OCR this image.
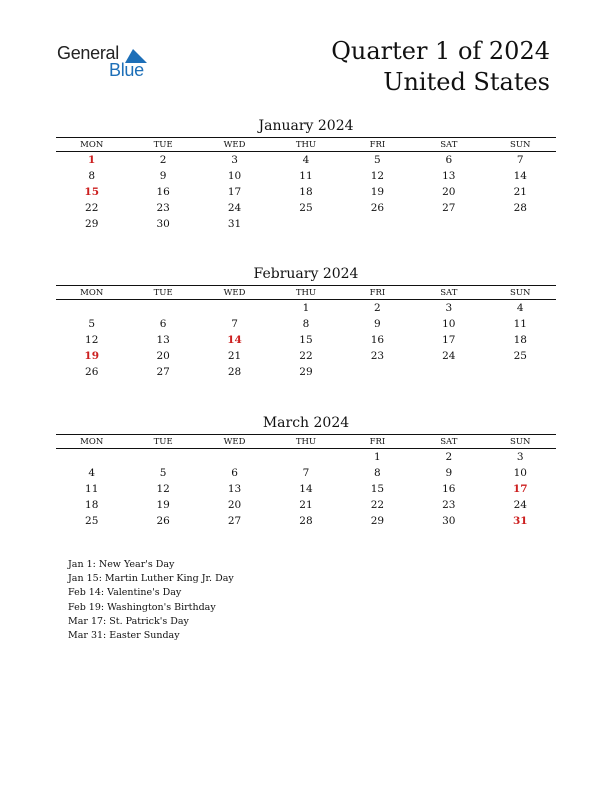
General
Blue
Quarter 1 of 2024
United States
January 2024
MON	TUE	WED	THU	FRI	SAT	SUN
1	2	3	4	5	6	7
8	9	10	11	12	13	14
15	16	17	18	19	20	21
22	23	24	25	26	27	28
29	30	31				
February 2024
MON	TUE	WED	THU	FRI	SAT	SUN
			1	2	3	4
5	6	7	8	9	10	11
12	13	14	15	16	17	18
19	20	21	22	23	24	25
26	27	28	29			
March 2024
MON	TUE	WED	THU	FRI	SAT	SUN
				1	2	3
4	5	6	7	8	9	10
11	12	13	14	15	16	17
18	19	20	21	22	23	24
25	26	27	28	29	30	31
Jan 1: New Year's Day
Jan 15: Martin Luther King Jr. Day
Feb 14: Valentine's Day
Feb 19: Washington's Birthday
Mar 17: St. Patrick's Day
Mar 31: Easter Sunday
